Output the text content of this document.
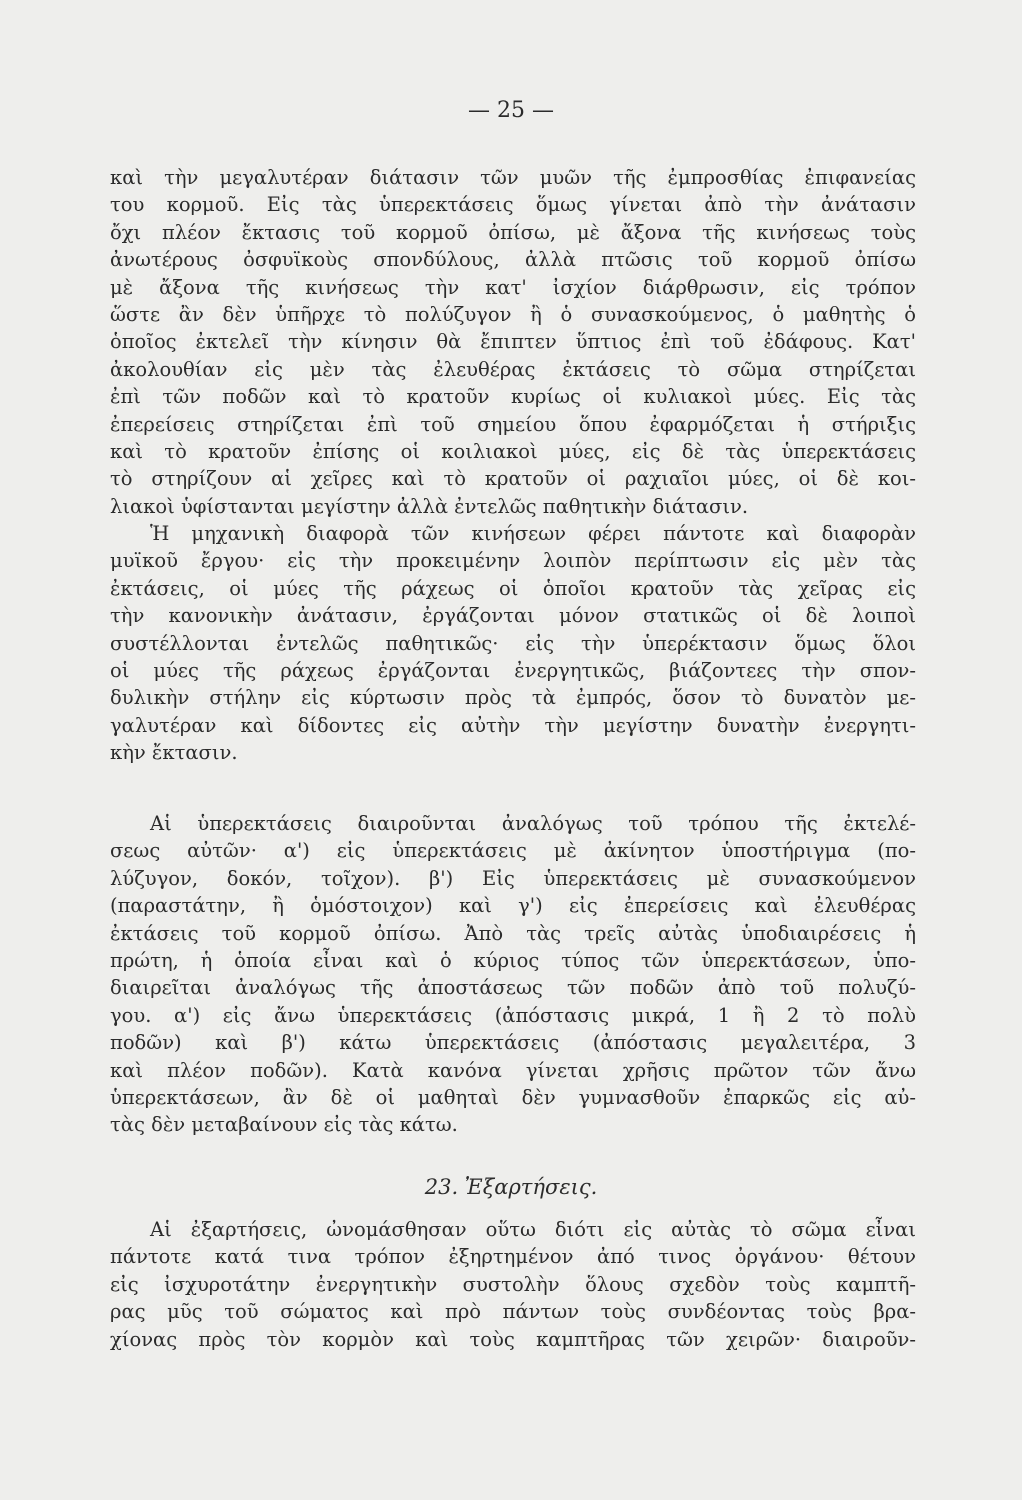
— 25 —
καὶ τὴν μεγαλυτέραν διάτασιν τῶν μυῶν τῆς ἐμπροσθίας ἐπιφανείας
του κορμοῦ. Εἰς τὰς ὑπερεκτάσεις ὅμως γίνεται ἀπὸ τὴν ἀνάτασιν
ὄχι πλέον ἔκτασις τοῦ κορμοῦ ὀπίσω, μὲ ἄξονα τῆς κινήσεως τοὺς
ἀνωτέρους ὀσφυϊκοὺς σπονδύλους, ἀλλὰ πτῶσις τοῦ κορμοῦ ὀπίσω
μὲ ἄξονα τῆς κινήσεως τὴν κατ' ἰσχίον διάρθρωσιν, εἰς τρόπον
ὥστε ἂν δὲν ὑπῆρχε τὸ πολύζυγον ἢ ὁ συνασκούμενος, ὁ μαθητὴς ὁ
ὁποῖος ἐκτελεῖ τὴν κίνησιν θὰ ἔπιπτεν ὕπτιος ἐπὶ τοῦ ἐδάφους. Κατ'
ἀκολουθίαν εἰς μὲν τὰς ἐλευθέρας ἐκτάσεις τὸ σῶμα στηρίζεται
ἐπὶ τῶν ποδῶν καὶ τὸ κρατοῦν κυρίως οἱ κυλιακοὶ μύες. Εἰς τὰς
ἐπερείσεις στηρίζεται ἐπὶ τοῦ σημείου ὅπου ἐφαρμόζεται ἡ στήριξις
καὶ τὸ κρατοῦν ἐπίσης οἱ κοιλιακοὶ μύες, εἰς δὲ τὰς ὑπερεκτάσεις
τὸ στηρίζουν αἱ χεῖρες καὶ τὸ κρατοῦν οἱ ραχιαῖοι μύες, οἱ δὲ κοι-
λιακοὶ ὑφίστανται μεγίστην ἀλλὰ ἐντελῶς παθητικὴν διάτασιν.
Ἡ μηχανικὴ διαφορὰ τῶν κινήσεων φέρει πάντοτε καὶ διαφορὰν
μυϊκοῦ ἔργου· εἰς τὴν προκειμένην λοιπὸν περίπτωσιν εἰς μὲν τὰς
ἐκτάσεις, οἱ μύες τῆς ράχεως οἱ ὁποῖοι κρατοῦν τὰς χεῖρας εἰς
τὴν κανονικὴν ἀνάτασιν, ἐργάζονται μόνον στατικῶς οἱ δὲ λοιποὶ
συστέλλονται ἐντελῶς παθητικῶς· εἰς τὴν ὑπερέκτασιν ὅμως ὅλοι
οἱ μύες τῆς ράχεως ἐργάζονται ἐνεργητικῶς, βιάζοντεες τὴν σπον-
δυλικὴν στήλην εἰς κύρτωσιν πρὸς τὰ ἐμπρός, ὅσον τὸ δυνατὸν με-
γαλυτέραν καὶ δίδοντες εἰς αὐτὴν τὴν μεγίστην δυνατὴν ἐνεργητι-
κὴν ἔκτασιν.
Αἱ ὑπερεκτάσεις διαιροῦνται ἀναλόγως τοῦ τρόπου τῆς ἐκτελέ-
σεως αὐτῶν· α') εἰς ὑπερεκτάσεις μὲ ἀκίνητον ὑποστήριγμα (πο-
λύζυγον, δοκόν, τοῖχον). β') Εἰς ὑπερεκτάσεις μὲ συνασκούμενον
(παραστάτην, ἢ ὁμόστοιχον) καὶ γ') εἰς ἐπερείσεις καὶ ἐλευθέρας
ἐκτάσεις τοῦ κορμοῦ ὀπίσω. Ἀπὸ τὰς τρεῖς αὐτὰς ὑποδιαιρέσεις ἡ
πρώτη, ἡ ὁποία εἶναι καὶ ὁ κύριος τύπος τῶν ὑπερεκτάσεων, ὑπο-
διαιρεῖται ἀναλόγως τῆς ἀποστάσεως τῶν ποδῶν ἀπὸ τοῦ πολυζύ-
γου. α') εἰς ἄνω ὑπερεκτάσεις (ἀπόστασις μικρά, 1 ἢ 2 τὸ πολὺ
ποδῶν) καὶ β') κάτω ὑπερεκτάσεις (ἀπόστασις μεγαλειτέρα, 3
καὶ πλέον ποδῶν). Κατὰ κανόνα γίνεται χρῆσις πρῶτον τῶν ἄνω
ὑπερεκτάσεων, ἂν δὲ οἱ μαθηταὶ δὲν γυμνασθοῦν ἐπαρκῶς εἰς αὐ-
τὰς δὲν μεταβαίνουν εἰς τὰς κάτω.
23. Ἐξαρτήσεις.
Αἱ ἐξαρτήσεις, ὠνομάσθησαν οὕτω διότι εἰς αὐτὰς τὸ σῶμα εἶναι
πάντοτε κατά τινα τρόπον ἐξηρτημένον ἀπό τινος ὀργάνου· θέτουν
εἰς ἰσχυροτάτην ἐνεργητικὴν συστολὴν ὅλους σχεδὸν τοὺς καμπτῆ-
ρας μῦς τοῦ σώματος καὶ πρὸ πάντων τοὺς συνδέοντας τοὺς βρα-
χίονας πρὸς τὸν κορμὸν καὶ τοὺς καμπτῆρας τῶν χειρῶν· διαιροῦν-
